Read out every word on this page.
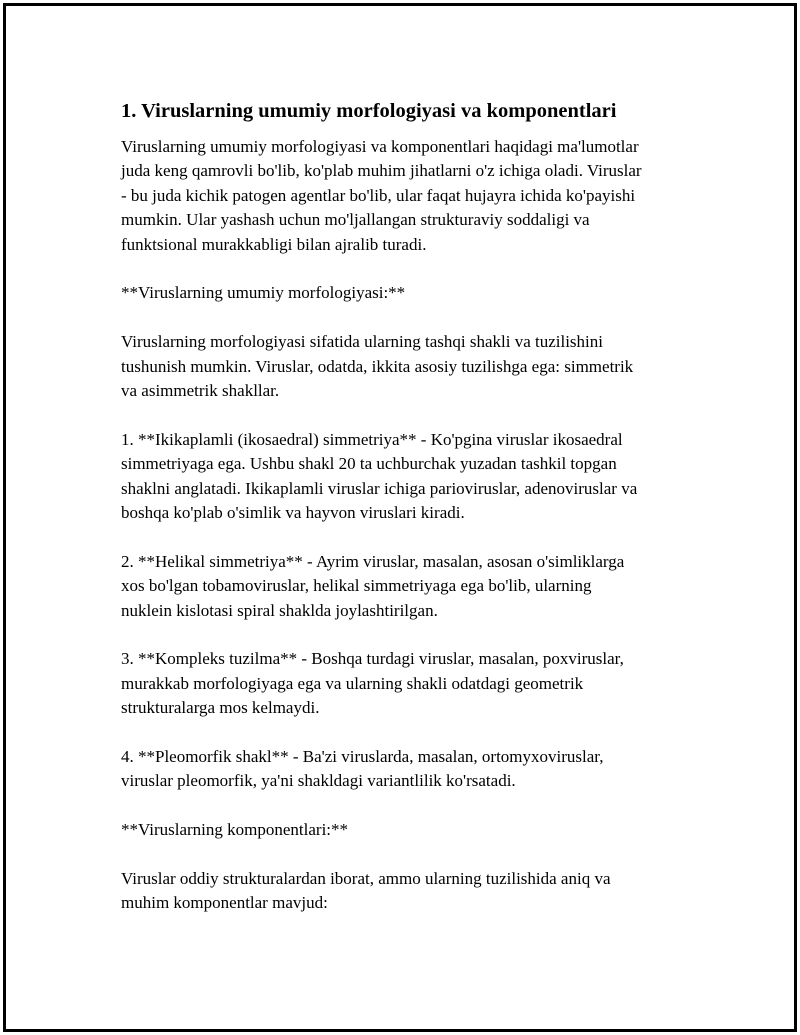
1. Viruslarning umumiy morfologiyasi va komponentlari

Viruslarning umumiy morfologiyasi va komponentlari haqidagi ma'lumotlar
juda keng qamrovli bo'lib, ko'plab muhim jihatlarni o'z ichiga oladi. Viruslar
- bu juda kichik patogen agentlar bo'lib, ular faqat hujayra ichida ko'payishi
mumkin. Ular yashash uchun mo'ljallangan strukturaviy soddaligi va
funktsional murakkabligi bilan ajralib turadi.

**Viruslarning umumiy morfologiyasi:**

Viruslarning morfologiyasi sifatida ularning tashqi shakli va tuzilishini
tushunish mumkin. Viruslar, odatda, ikkita asosiy tuzilishga ega: simmetrik
va asimmetrik shakllar.

1. **Ikikaplamli (ikosaedral) simmetriya** - Ko'pgina viruslar ikosaedral
simmetriyaga ega. Ushbu shakl 20 ta uchburchak yuzadan tashkil topgan
shaklni anglatadi. Ikikaplamli viruslar ichiga parioviruslar, adenoviruslar va
boshqa ko'plab o'simlik va hayvon viruslari kiradi.

2. **Helikal simmetriya** - Ayrim viruslar, masalan, asosan o'simliklarga
xos bo'lgan tobamoviruslar, helikal simmetriyaga ega bo'lib, ularning
nuklein kislotasi spiral shaklda joylashtirilgan.

3. **Kompleks tuzilma** - Boshqa turdagi viruslar, masalan, poxviruslar,
murakkab morfologiyaga ega va ularning shakli odatdagi geometrik
strukturalarga mos kelmaydi.

4. **Pleomorfik shakl** - Ba'zi viruslarda, masalan, ortomyxoviruslar,
viruslar pleomorfik, ya'ni shakldagi variantlilik ko'rsatadi.

**Viruslarning komponentlari:**

Viruslar oddiy strukturalardan iborat, ammo ularning tuzilishida aniq va
muhim komponentlar mavjud:
